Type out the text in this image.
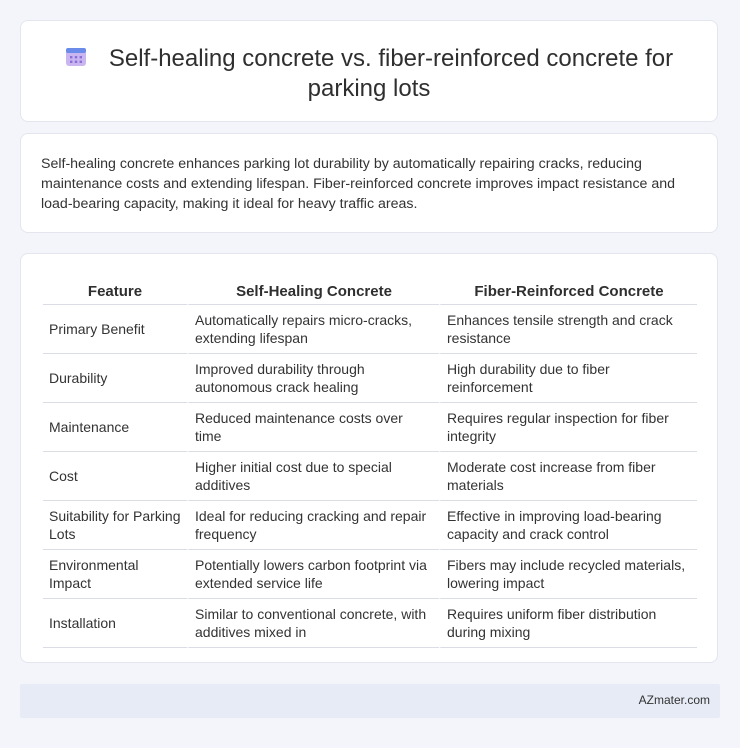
Self-healing concrete vs. fiber-reinforced concrete for parking lots
Self-healing concrete enhances parking lot durability by automatically repairing cracks, reducing maintenance costs and extending lifespan. Fiber-reinforced concrete improves impact resistance and load-bearing capacity, making it ideal for heavy traffic areas.
Feature	Self-Healing Concrete	Fiber-Reinforced Concrete
Primary Benefit	Automatically repairs micro-cracks, extending lifespan	Enhances tensile strength and crack resistance
Durability	Improved durability through autonomous crack healing	High durability due to fiber reinforcement
Maintenance	Reduced maintenance costs over time	Requires regular inspection for fiber integrity
Cost	Higher initial cost due to special additives	Moderate cost increase from fiber materials
Suitability for Parking Lots	Ideal for reducing cracking and repair frequency	Effective in improving load-bearing capacity and crack control
Environmental Impact	Potentially lowers carbon footprint via extended service life	Fibers may include recycled materials, lowering impact
Installation	Similar to conventional concrete, with additives mixed in	Requires uniform fiber distribution during mixing
AZmater.com
